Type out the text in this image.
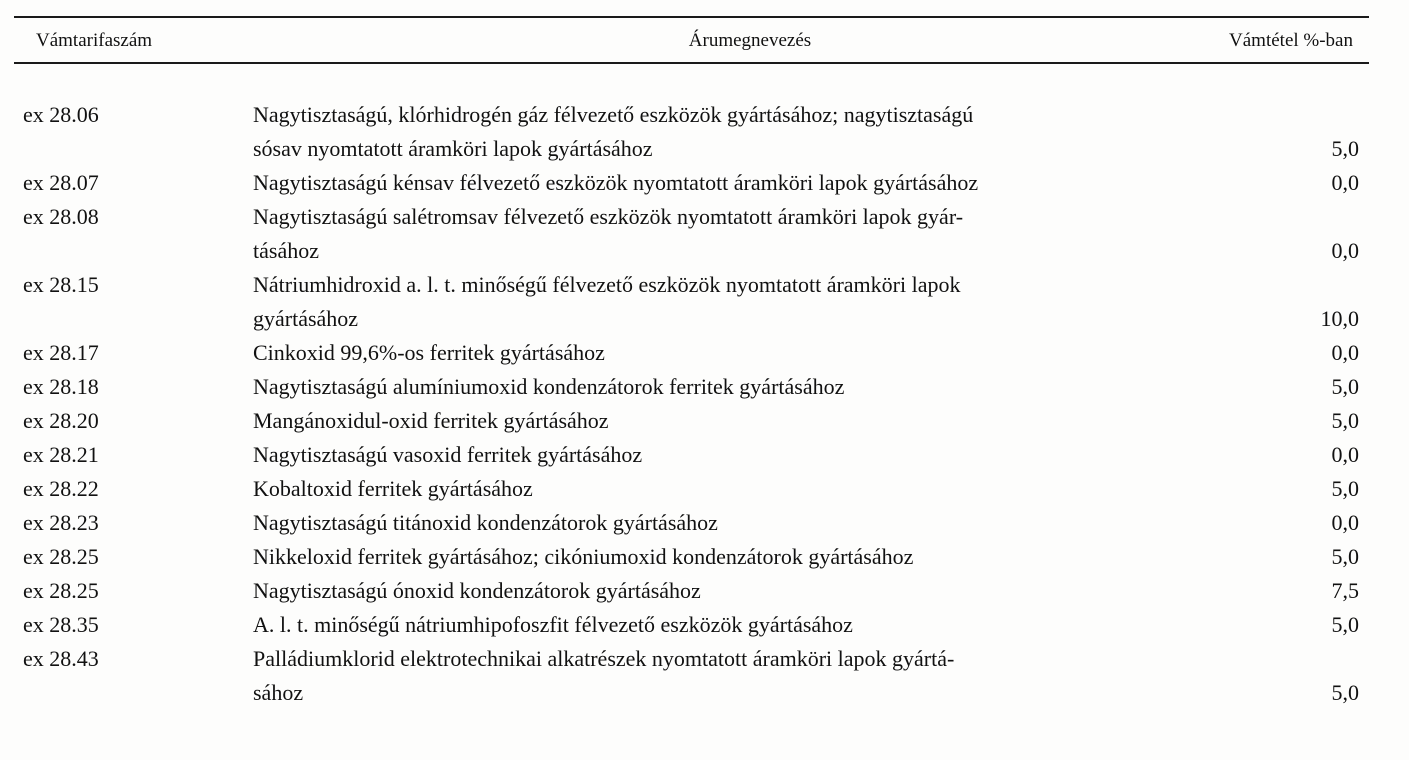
Vámtarifaszám	Árumegnevezés	Vámtétel %-ban
ex 28.06	Nagytisztaságú, klórhidrogén gáz félvezető eszközök gyártásához; nagytisztaságú
sósav nyomtatott áramköri lapok gyártásához	5,0
ex 28.07	Nagytisztaságú kénsav félvezető eszközök nyomtatott áramköri lapok gyártásához	0,0
ex 28.08	Nagytisztaságú salétromsav félvezető eszközök nyomtatott áramköri lapok gyár-
tásához	0,0
ex 28.15	Nátriumhidroxid a. l. t. minőségű félvezető eszközök nyomtatott áramköri lapok
gyártásához	10,0
ex 28.17	Cinkoxid 99,6%-os ferritek gyártásához	0,0
ex 28.18	Nagytisztaságú alumíniumoxid kondenzátorok ferritek gyártásához	5,0
ex 28.20	Mangánoxidul-oxid ferritek gyártásához	5,0
ex 28.21	Nagytisztaságú vasoxid ferritek gyártásához	0,0
ex 28.22	Kobaltoxid ferritek gyártásához	5,0
ex 28.23	Nagytisztaságú titánoxid kondenzátorok gyártásához	0,0
ex 28.25	Nikkeloxid ferritek gyártásához; cikóniumoxid kondenzátorok gyártásához	5,0
ex 28.25	Nagytisztaságú ónoxid kondenzátorok gyártásához	7,5
ex 28.35	A. l. t. minőségű nátriumhipofoszfit félvezető eszközök gyártásához	5,0
ex 28.43	Palládiumklorid elektrotechnikai alkatrészek nyomtatott áramköri lapok gyártá-
sához	5,0
